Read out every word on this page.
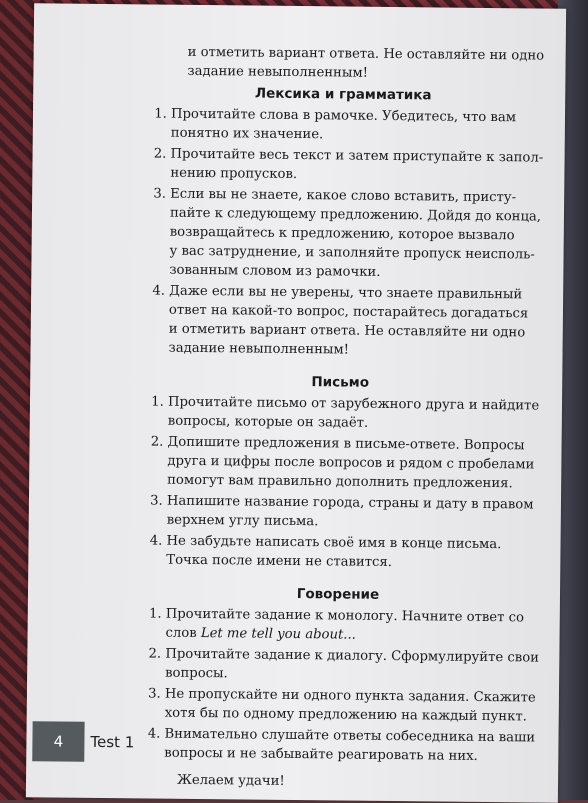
и отметить вариант ответа. Не оставляйте ни одно
задание невыполненным!
Лексика и грамматика
1. Прочитайте слова в рамочке. Убедитесь, что вам
понятно их значение.
2. Прочитайте весь текст и затем приступайте к запол-
нению пропусков.
3. Если вы не знаете, какое слово вставить, присту-
пайте к следующему предложению. Дойдя до конца,
возвращайтесь к предложению, которое вызвало
у вас затруднение, и заполняйте пропуск неисполь-
зованным словом из рамочки.
4. Даже если вы не уверены, что знаете правильный
ответ на какой-то вопрос, постарайтесь догадаться
и отметить вариант ответа. Не оставляйте ни одно
задание невыполненным!
Письмо
1. Прочитайте письмо от зарубежного друга и найдите
вопросы, которые он задаёт.
2. Допишите предложения в письме-ответе. Вопросы
друга и цифры после вопросов и рядом с пробелами
помогут вам правильно дополнить предложения.
3. Напишите название города, страны и дату в правом
верхнем углу письма.
4. Не забудьте написать своё имя в конце письма.
Точка после имени не ставится.
Говорение
1. Прочитайте задание к монологу. Начните ответ со
слов Let me tell you about...
2. Прочитайте задание к диалогу. Сформулируйте свои
вопросы.
3. Не пропускайте ни одного пункта задания. Скажите
хотя бы по одному предложению на каждый пункт.
4. Внимательно слушайте ответы собеседника на ваши
вопросы и не забывайте реагировать на них.
Желаем удачи!
4	Test 1
